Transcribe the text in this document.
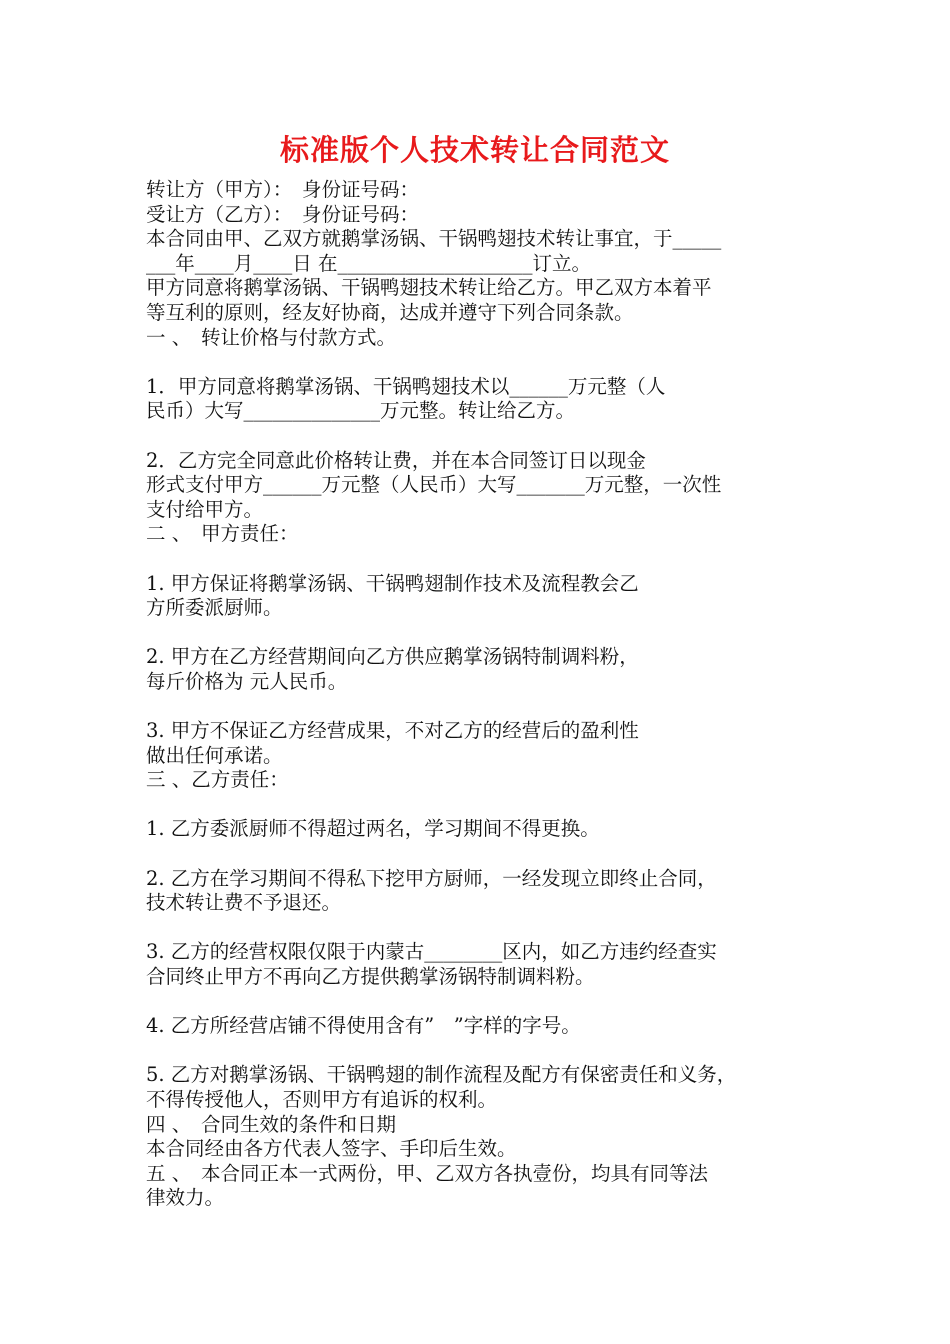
标准版个人技术转让合同范文
转让方（甲方）：　身份证号码：
受让方（乙方）：　身份证号码：
本合同由甲、乙双方就鹅掌汤锅、干锅鸭翅技术转让事宜，于_____
___年____月____日 在____________________订立。
甲方同意将鹅掌汤锅、干锅鸭翅技术转让给乙方。甲乙双方本着平
等互利的原则，经友好协商，达成并遵守下列合同条款。
一 、　转让价格与付款方式。
1．甲方同意将鹅掌汤锅、干锅鸭翅技术以______万元整（人
民币）大写______________万元整。转让给乙方。
2．乙方完全同意此价格转让费，并在本合同签订日以现金
形式支付甲方______万元整（人民币）大写_______万元整，一次性
支付给甲方。
二 、　甲方责任：
1. 甲方保证将鹅掌汤锅、干锅鸭翅制作技术及流程教会乙
方所委派厨师。
2. 甲方在乙方经营期间向乙方供应鹅掌汤锅特制调料粉，
每斤价格为 元人民币。
3. 甲方不保证乙方经营成果，不对乙方的经营后的盈利性
做出任何承诺。
三 、乙方责任：
1. 乙方委派厨师不得超过两名，学习期间不得更换。
2. 乙方在学习期间不得私下挖甲方厨师，一经发现立即终止合同，
技术转让费不予退还。
3. 乙方的经营权限仅限于内蒙古________区内，如乙方违约经查实
合同终止甲方不再向乙方提供鹅掌汤锅特制调料粉。
4. 乙方所经营店铺不得使用含有”　”字样的字号。
5. 乙方对鹅掌汤锅、干锅鸭翅的制作流程及配方有保密责任和义务，
不得传授他人，否则甲方有追诉的权利。
四 、　合同生效的条件和日期
本合同经由各方代表人签字、手印后生效。
五 、　本合同正本一式两份，甲、乙双方各执壹份，均具有同等法
律效力。
